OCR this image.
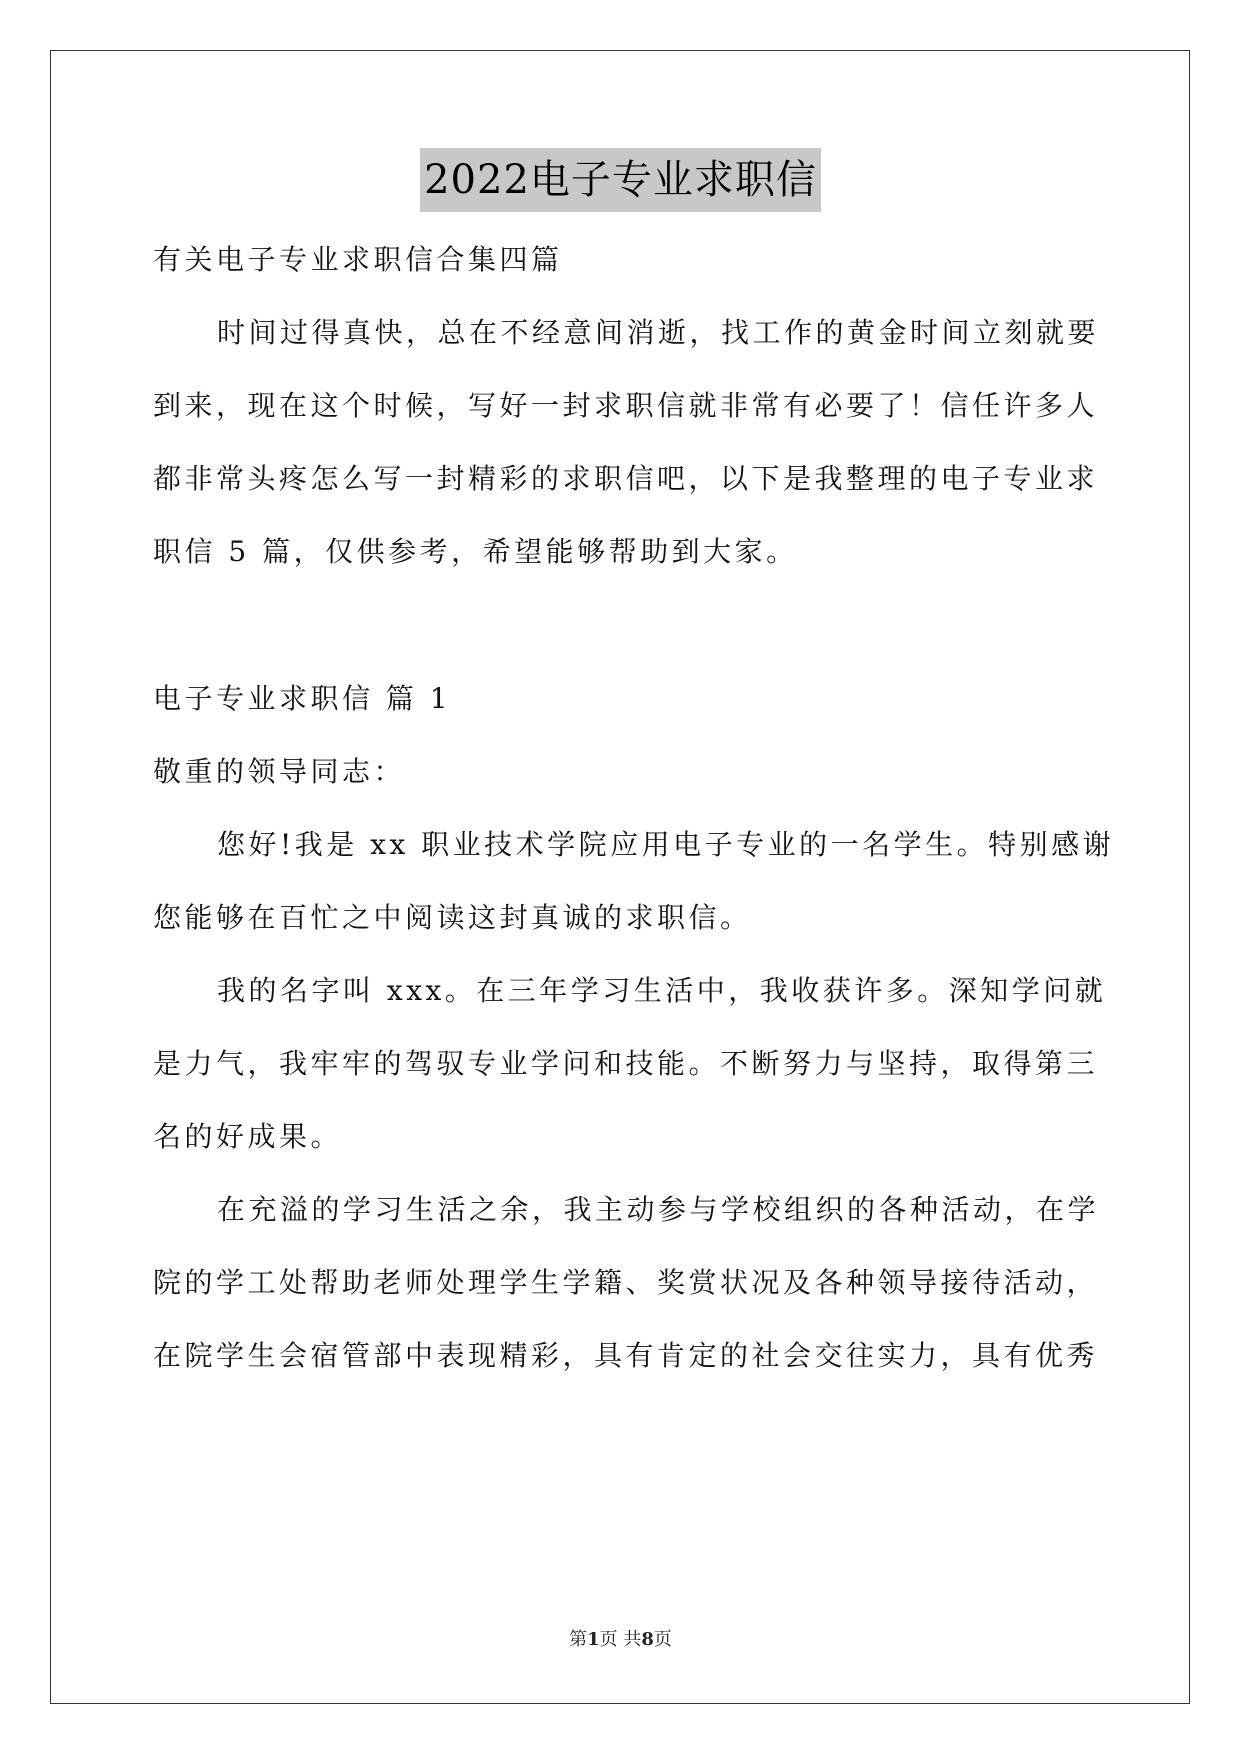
2022电子专业求职信
有关电子专业求职信合集四篇
时间过得真快，总在不经意间消逝，找工作的黄金时间立刻就要
到来，现在这个时候，写好一封求职信就非常有必要了！信任许多人
都非常头疼怎么写一封精彩的求职信吧，以下是我整理的电子专业求
职信 5 篇，仅供参考，希望能够帮助到大家。
电子专业求职信 篇 1
敬重的领导同志：
您好!我是 xx 职业技术学院应用电子专业的一名学生。特别感谢
您能够在百忙之中阅读这封真诚的求职信。
我的名字叫 xxx。在三年学习生活中，我收获许多。深知学问就
是力气，我牢牢的驾驭专业学问和技能。不断努力与坚持，取得第三
名的好成果。
在充溢的学习生活之余，我主动参与学校组织的各种活动，在学
院的学工处帮助老师处理学生学籍、奖赏状况及各种领导接待活动，
在院学生会宿管部中表现精彩，具有肯定的社会交往实力，具有优秀
第1页 共8页
